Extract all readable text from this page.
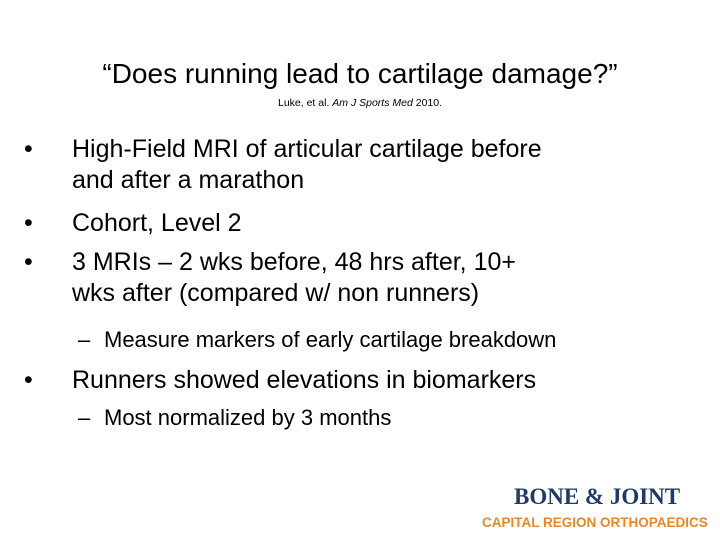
“Does running lead to cartilage damage?”
Luke, et al. Am J Sports Med 2010.
• High-Field MRI of articular cartilage before
and after a marathon
• Cohort, Level 2
• 3 MRIs – 2 wks before, 48 hrs after, 10+
wks after (compared w/ non runners)
– Measure markers of early cartilage breakdown
• Runners showed elevations in biomarkers
– Most normalized by 3 months
BONE & JOINT
CAPITAL REGION ORTHOPAEDICS
